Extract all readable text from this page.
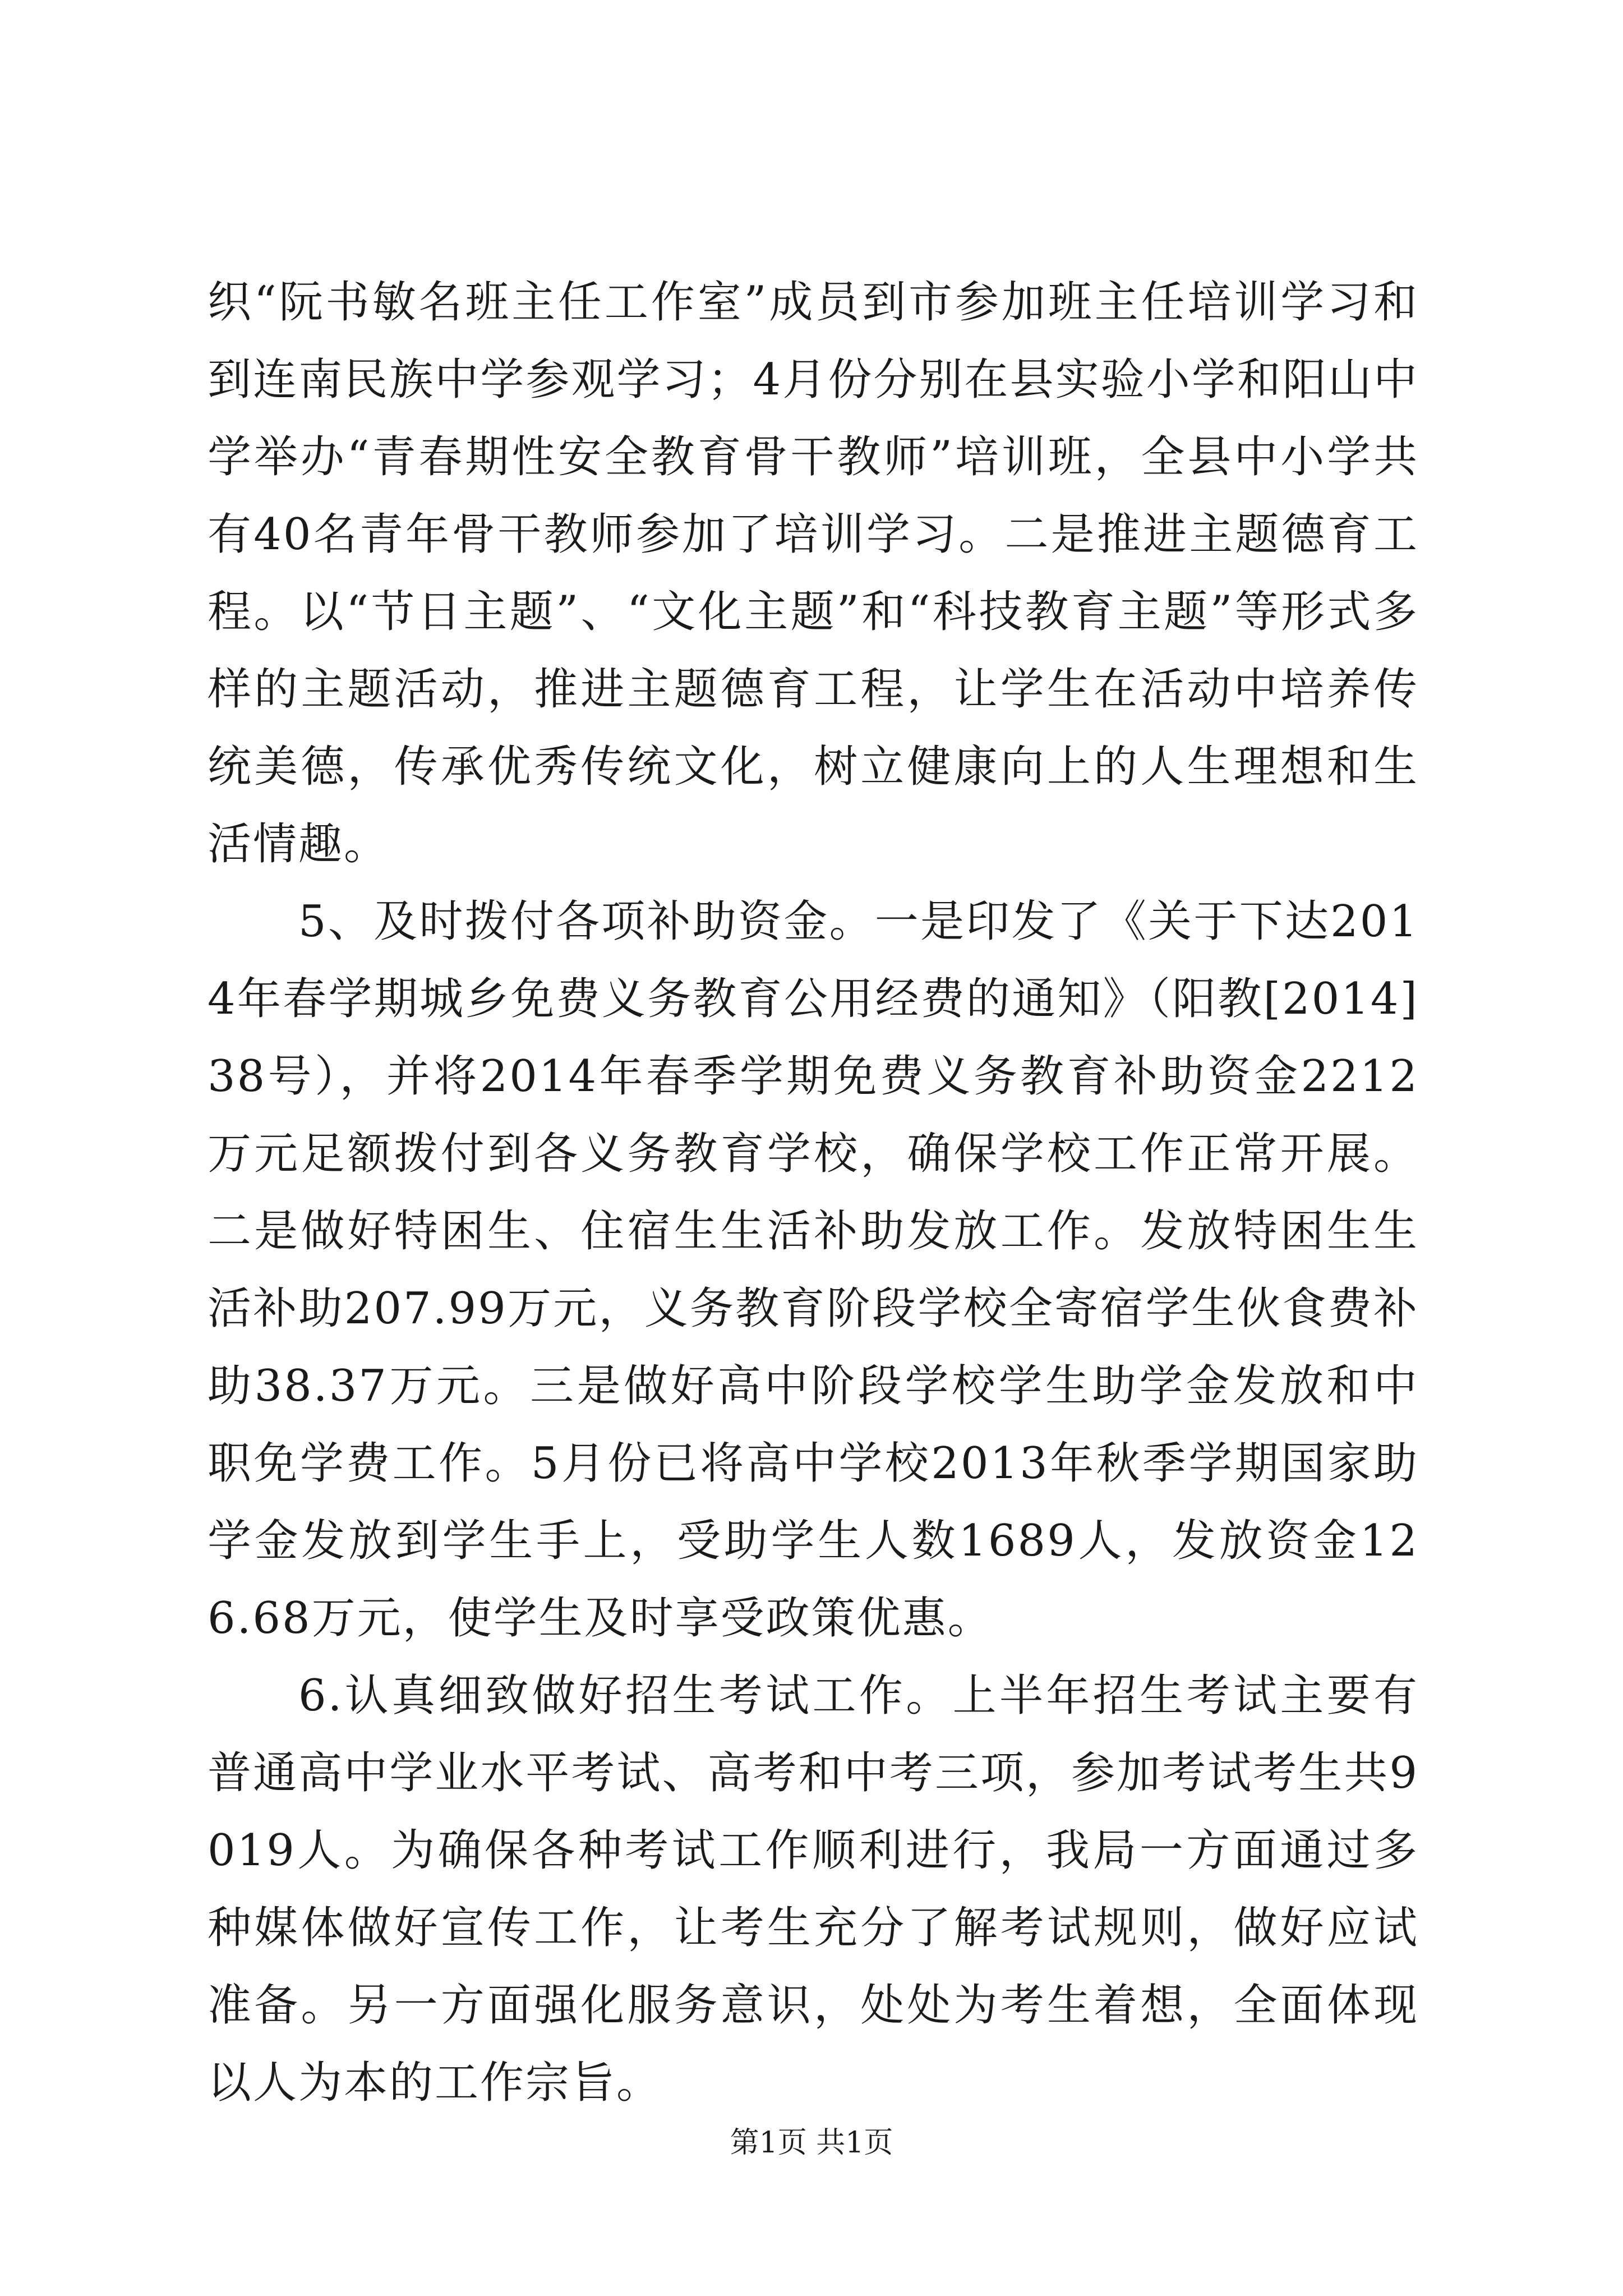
织“阮书敏名班主任工作室”成员到市参加班主任培训学习和到连南民族中学参观学习；4月份分别在县实验小学和阳山中学举办“青春期性安全教育骨干教师”培训班，全县中小学共有40名青年骨干教师参加了培训学习。二是推进主题德育工程。以“节日主题”、“文化主题”和“科技教育主题”等形式多样的主题活动，推进主题德育工程，让学生在活动中培养传统美德，传承优秀传统文化，树立健康向上的人生理想和生活情趣。

5、及时拨付各项补助资金。一是印发了《关于下达2014年春学期城乡免费义务教育公用经费的通知》（阳教[2014]38号），并将2014年春季学期免费义务教育补助资金2212万元足额拨付到各义务教育学校，确保学校工作正常开展。二是做好特困生、住宿生生活补助发放工作。发放特困生生活补助207.99万元，义务教育阶段学校全寄宿学生伙食费补助38.37万元。三是做好高中阶段学校学生助学金发放和中职免学费工作。5月份已将高中学校2013年秋季学期国家助学金发放到学生手上，受助学生人数1689人，发放资金126.68万元，使学生及时享受政策优惠。

6.认真细致做好招生考试工作。上半年招生考试主要有普通高中学业水平考试、高考和中考三项，参加考试考生共9019人。为确保各种考试工作顺利进行，我局一方面通过多种媒体做好宣传工作，让考生充分了解考试规则，做好应试准备。另一方面强化服务意识，处处为考生着想，全面体现以人为本的工作宗旨。

第1页 共1页
